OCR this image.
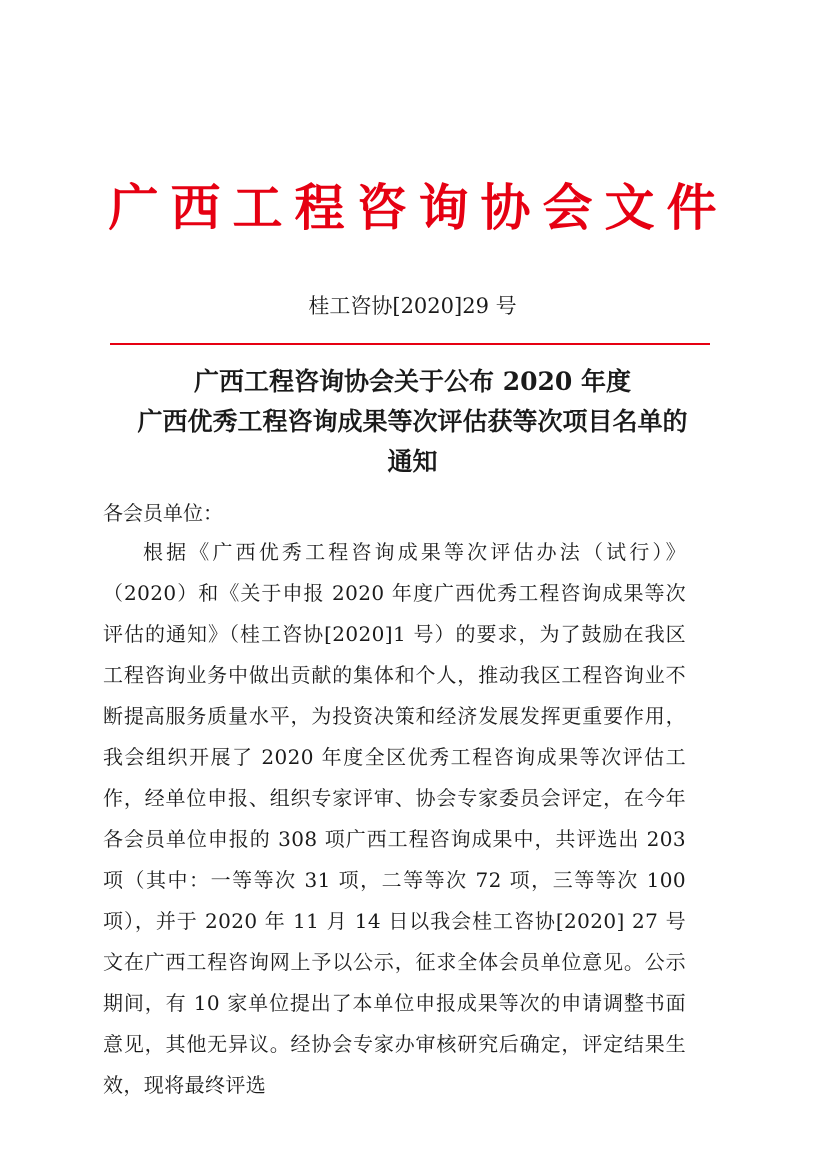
广西工程咨询协会文件
桂工咨协[2020]29 号
广西工程咨询协会关于公布 2020 年度
广西优秀工程咨询成果等次评估获等次项目名单的
通知
各会员单位：
根据《广西优秀工程咨询成果等次评估办法（试行）》（2020）和《关于申报 2020 年度广西优秀工程咨询成果等次评估的通知》（桂工咨协[2020]1 号）的要求，为了鼓励在我区工程咨询业务中做出贡献的集体和个人，推动我区工程咨询业不断提高服务质量水平，为投资决策和经济发展发挥更重要作用，我会组织开展了 2020 年度全区优秀工程咨询成果等次评估工作，经单位申报、组织专家评审、协会专家委员会评定，在今年各会员单位申报的 308 项广西工程咨询成果中，共评选出 203 项（其中：一等等次 31 项，二等等次 72 项，三等等次 100 项），并于 2020 年 11 月 14 日以我会桂工咨协[2020] 27 号文在广西工程咨询网上予以公示，征求全体会员单位意见。公示期间，有 10 家单位提出了本单位申报成果等次的申请调整书面意见，其他无异议。经协会专家办审核研究后确定，评定结果生效，现将最终评选
